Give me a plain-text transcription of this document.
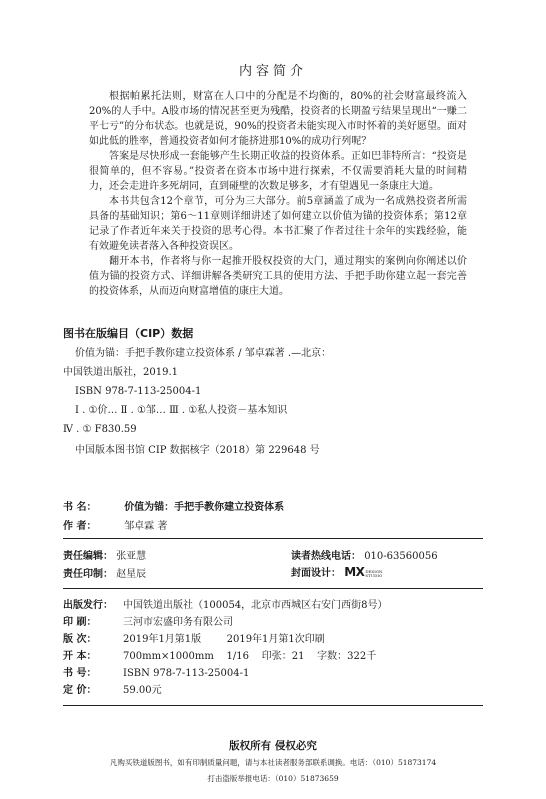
内容简介

根据帕累托法则，财富在人口中的分配是不均衡的，80%的社会财富最终流入20%的人手中。A股市场的情况甚至更为残酷，投资者的长期盈亏结果呈现出“一赚二平七亏”的分布状态。也就是说，90%的投资者未能实现入市时怀着的美好愿望。面对如此低的胜率，普通投资者如何才能挤进那10%的成功行列呢？

答案是尽快形成一套能够产生长期正收益的投资体系。正如巴菲特所言：“投资是很简单的，但不容易。”投资者在资本市场中进行探索，不仅需要消耗大量的时间精力，还会走进许多死胡同，直到碰壁的次数足够多，才有望遇见一条康庄大道。

本书共包含12个章节，可分为三大部分。前5章涵盖了成为一名成熟投资者所需具备的基础知识；第6～11章则详细讲述了如何建立以价值为锚的投资体系；第12章记录了作者近年来关于投资的思考心得。本书汇聚了作者过往十余年的实践经验，能有效避免读者落入各种投资误区。

翻开本书，作者将与你一起推开股权投资的大门，通过翔实的案例向你阐述以价值为锚的投资方式、详细讲解各类研究工具的使用方法、手把手助你建立起一套完善的投资体系，从而迈向财富增值的康庄大道。

图书在版编目（CIP）数据
价值为锚：手把手教你建立投资体系 / 邹卓霖著 .—北京：
中国铁道出版社，2019.1
ISBN 978-7-113-25004-1
Ⅰ . ①价… Ⅱ . ①邹… Ⅲ . ①私人投资－基本知识
Ⅳ . ① F830.59
中国版本图书馆 CIP 数据核字（2018）第 229648 号
书 名：	价值为锚：手把手教你建立投资体系
作 者：	邹卓霖 著
责任编辑： 张亚慧	读者热线电话： 010-63560056
责任印制： 赵星辰	封面设计： MXDESIGN
STUDIO
出版发行： 中国铁道出版社（100054，北京市西城区右安门西街8号）
印 刷：	三河市宏盛印务有限公司
版 次：	2019年1月第1版        2019年1月第1次印刷
开 本：	700mm×1000mm    1/16    印张：21    字数：322千
书 号：	ISBN 978-7-113-25004-1
定 价：	59.00元
版权所有 侵权必究
凡购买铁道版图书，如有印制质量问题，请与本社读者服务部联系调换。电话：（010）51873174
打击盗版举报电话：（010）51873659
